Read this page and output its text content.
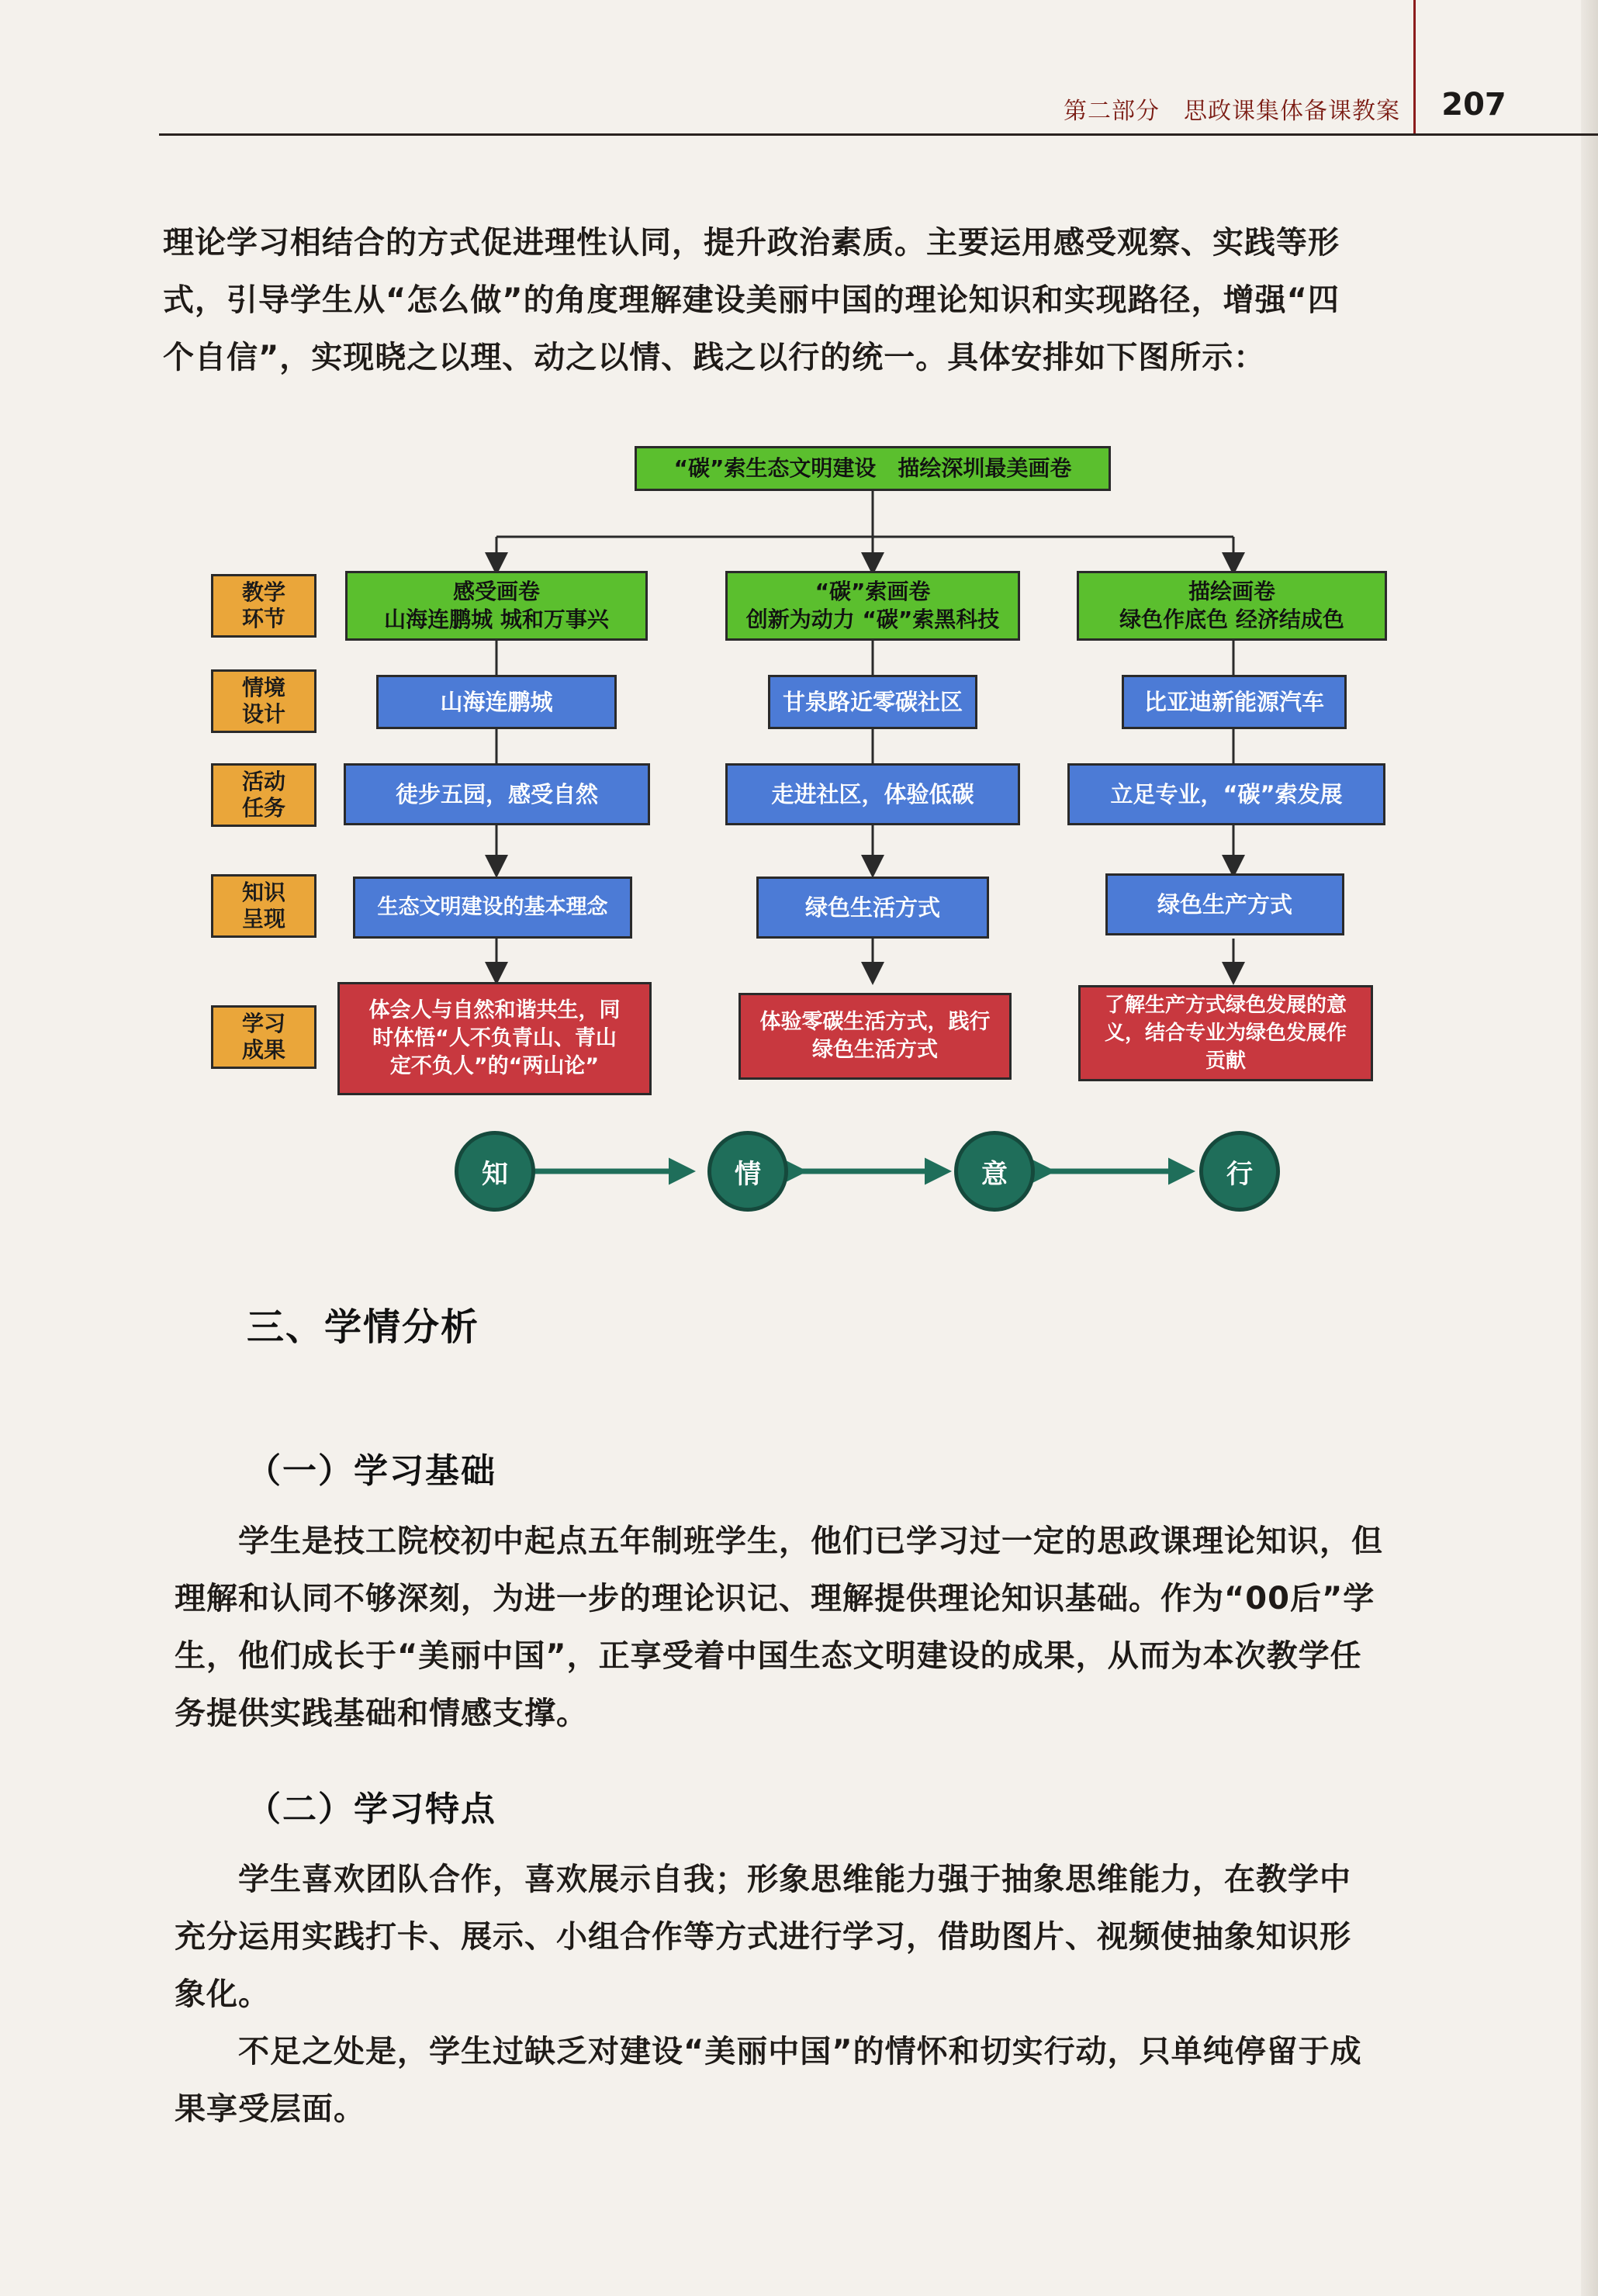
第二部分　思政课集体备课教案	207

理论学习相结合的方式促进理性认同，提升政治素质。主要运用感受观察、实践等形

式，引导学生从“怎么做”的角度理解建设美丽中国的理论知识和实现路径，增强“四

个自信”，实现晓之以理、动之以情、践之以行的统一。具体安排如下图所示：

“碳”索生态文明建设　描绘深圳最美画卷
教学
环节
情境
设计
活动
任务
知识
呈现
学习
成果
感受画卷
山海连鹏城 城和万事兴
山海连鹏城
徒步五园，感受自然
生态文明建设的基本理念
体会人与自然和谐共生，同
时体悟“人不负青山、青山
定不负人”的“两山论”
“碳”索画卷
创新为动力 “碳”索黑科技
甘泉路近零碳社区
走进社区，体验低碳
绿色生活方式
体验零碳生活方式，践行
绿色生活方式
描绘画卷
绿色作底色 经济结成色
比亚迪新能源汽车
立足专业，“碳”索发展
绿色生产方式
了解生产方式绿色发展的意
义，结合专业为绿色发展作
贡献
知	情	意	行
三、学情分析
（一）学习基础

学生是技工院校初中起点五年制班学生，他们已学习过一定的思政课理论知识，但

理解和认同不够深刻，为进一步的理论识记、理解提供理论知识基础。作为“00后”学

生，他们成长于“美丽中国”，正享受着中国生态文明建设的成果，从而为本次教学任

务提供实践基础和情感支撑。

（二）学习特点

学生喜欢团队合作，喜欢展示自我；形象思维能力强于抽象思维能力，在教学中

充分运用实践打卡、展示、小组合作等方式进行学习，借助图片、视频使抽象知识形

象化。

不足之处是，学生过缺乏对建设“美丽中国”的情怀和切实行动，只单纯停留于成

果享受层面。
